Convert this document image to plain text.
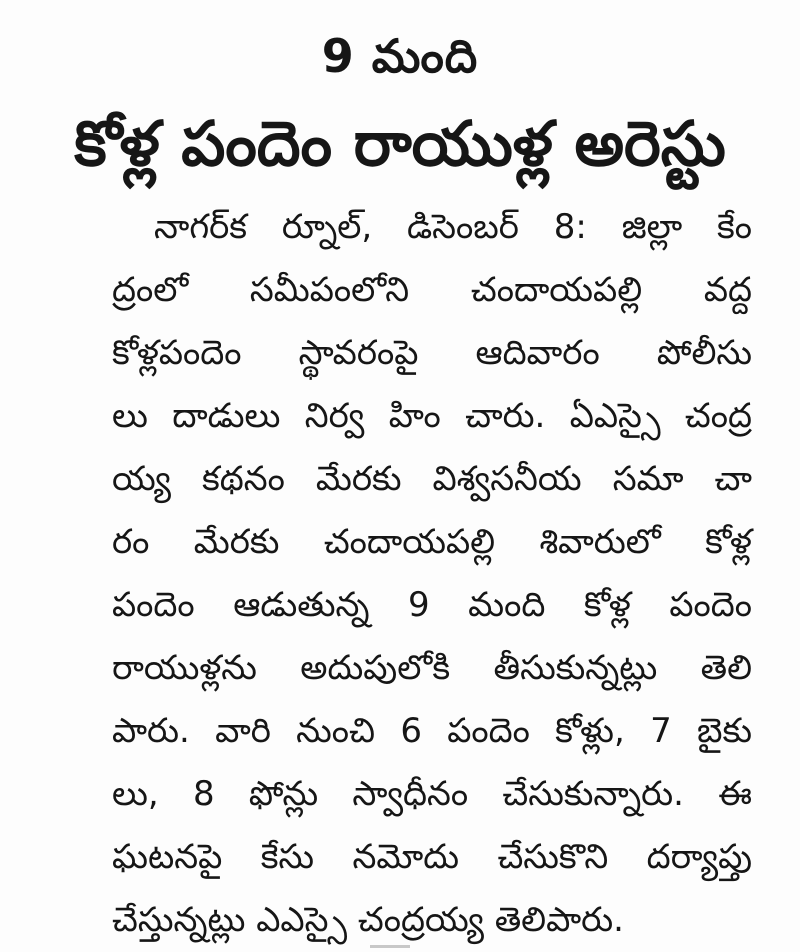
9 మంది
కోళ్ల పందెం రాయుళ్ల అరెస్టు
నాగర్‌క ర్నూల్, డిసెంబర్ 8: జిల్లా కేం
ద్రంలో సమీపంలోని చందాయపల్లి వద్ద
కోళ్లపందెం స్థావరంపై ఆదివారం పోలీసు
లు దాడులు నిర్వ హిం చారు. ఏఎస్సై చంద్ర
య్య కథనం మేరకు విశ్వసనీయ సమా చా
రం మేరకు చందాయపల్లి శివారులో కోళ్ల
పందెం ఆడుతున్న 9 మంది కోళ్ల పందెం
రాయుళ్లను అదుపులోకి తీసుకున్నట్లు తెలి
పారు. వారి నుంచి 6 పందెం కోళ్లు, 7 బైకు
లు, 8 ఫోన్లు స్వాధీనం చేసుకున్నారు. ఈ
ఘటనపై కేసు నమోదు చేసుకొని దర్యాప్తు
చేస్తున్నట్లు ఎఎస్సై చంద్రయ్య తెలిపారు.
